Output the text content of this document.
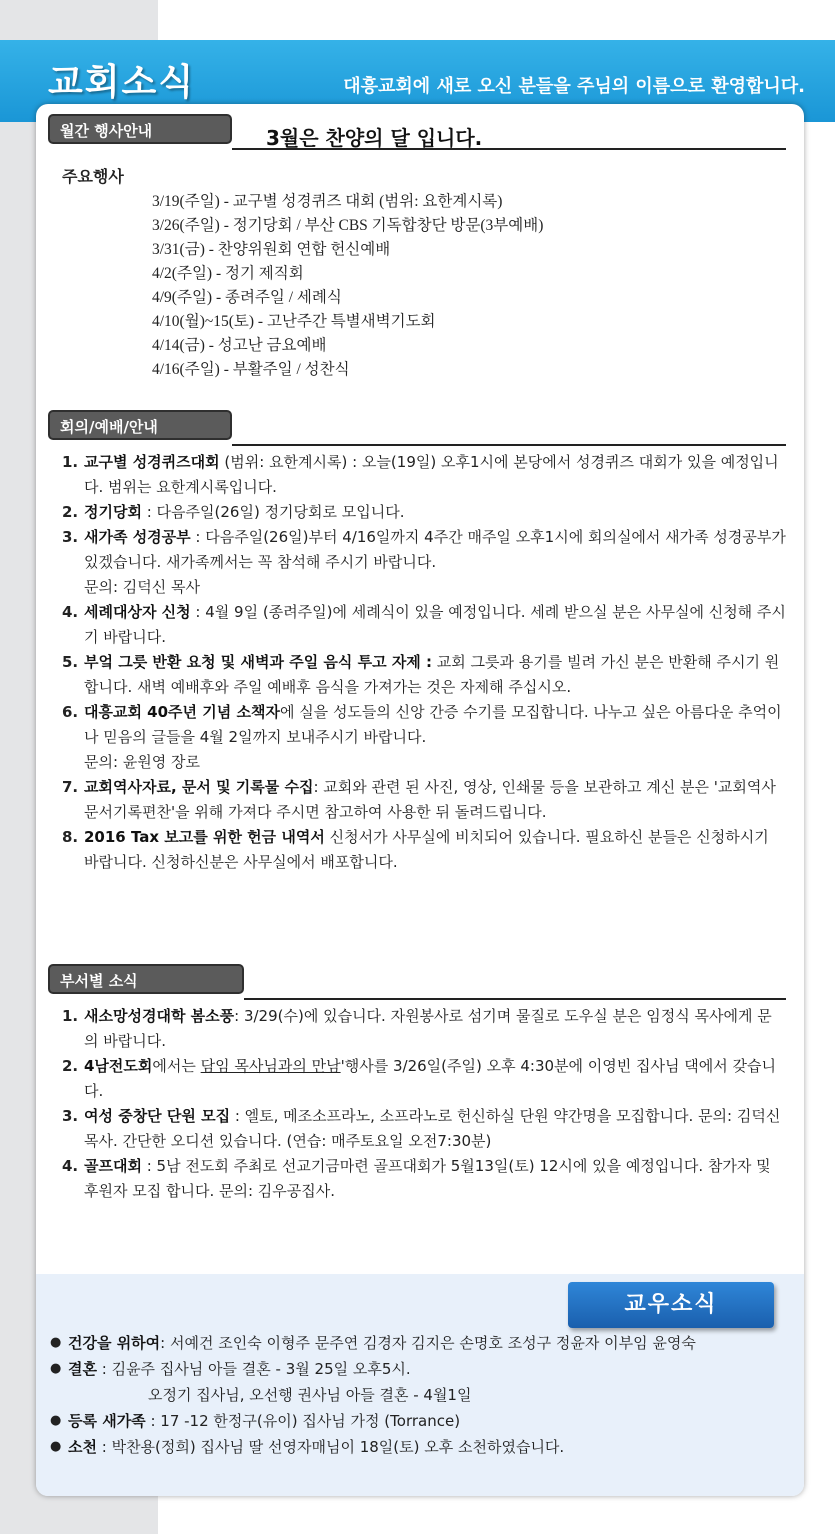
교회소식	대흥교회에 새로 오신 분들을 주님의 이름으로 환영합니다.
월간 행사안내	3월은 찬양의 달 입니다.
주요행사
3/19(주일) - 교구별 성경퀴즈 대회 (범위: 요한계시록)
3/26(주일) - 정기당회 / 부산 CBS 기독합창단 방문(3부예배)
3/31(금) - 찬양위원회 연합 헌신예배
4/2(주일) - 정기 제직회
4/9(주일) - 종려주일 / 세례식
4/10(월)~15(토) - 고난주간 특별새벽기도회
4/14(금) - 성고난 금요예배
4/16(주일) - 부활주일 / 성찬식
회의/예배/안내
1. 교구별 성경퀴즈대회 (범위: 요한계시록) : 오늘(19일) 오후1시에 본당에서 성경퀴즈 대회가 있을 예정입니다. 범위는 요한계시록입니다.
2. 정기당회 : 다음주일(26일) 정기당회로 모입니다.
3. 새가족 성경공부 : 다음주일(26일)부터 4/16일까지 4주간 매주일 오후1시에 회의실에서 새가족 성경공부가 있겠습니다. 새가족께서는 꼭 참석해 주시기 바랍니다.
문의: 김덕신 목사
4. 세례대상자 신청 : 4월 9일 (종려주일)에 세례식이 있을 예정입니다. 세례 받으실 분은 사무실에 신청해 주시기 바랍니다.
5. 부엌 그릇 반환 요청 및 새벽과 주일 음식 투고 자제 : 교회 그릇과 용기를 빌려 가신 분은 반환해 주시기 원합니다. 새벽 예배후와 주일 예배후 음식을 가져가는 것은 자제해 주십시오.
6. 대흥교회 40주년 기념 소책자에 실을 성도들의 신앙 간증 수기를 모집합니다. 나누고 싶은 아름다운 추억이나 믿음의 글들을 4월 2일까지 보내주시기 바랍니다.
문의: 윤원영 장로
7. 교회역사자료, 문서 및 기록물 수집: 교회와 관련 된 사진, 영상, 인쇄물 등을 보관하고 계신 분은 '교회역사문서기록편찬'을 위해 가져다 주시면 참고하여 사용한 뒤 돌려드립니다.
8. 2016 Tax 보고를 위한 헌금 내역서 신청서가 사무실에 비치되어 있습니다. 필요하신 분들은 신청하시기 바랍니다. 신청하신분은 사무실에서 배포합니다.
부서별 소식
1. 새소망성경대학 봄소풍: 3/29(수)에 있습니다. 자원봉사로 섬기며 물질로 도우실 분은 임정식 목사에게 문의 바랍니다.
2. 4남전도회에서는 담임 목사님과의 만남'행사를 3/26일(주일) 오후 4:30분에 이영빈 집사님 댁에서 갖습니다.
3. 여성 중창단 단원 모집 : 엘토, 메조소프라노, 소프라노로 헌신하실 단원 약간명을 모집합니다. 문의: 김덕신 목사. 간단한 오디션 있습니다. (연습: 매주토요일 오전7:30분)
4. 골프대회 : 5남 전도회 주최로 선교기금마련 골프대회가 5월13일(토) 12시에 있을 예정입니다. 참가자 및 후원자 모집 합니다. 문의: 김우공집사.
교우소식
● 건강을 위하여: 서예건 조인숙 이형주 문주연 김경자 김지은 손명호 조성구 정윤자 이부임 윤영숙
● 결혼 : 김윤주 집사님 아들 결혼 - 3월 25일 오후5시.
오정기 집사님, 오선행 권사님 아들 결혼 - 4월1일
● 등록 새가족 : 17 -12 한정구(유이) 집사님 가정 (Torrance)
● 소천 : 박찬용(정희) 집사님 딸 선영자매님이 18일(토) 오후 소천하였습니다.
